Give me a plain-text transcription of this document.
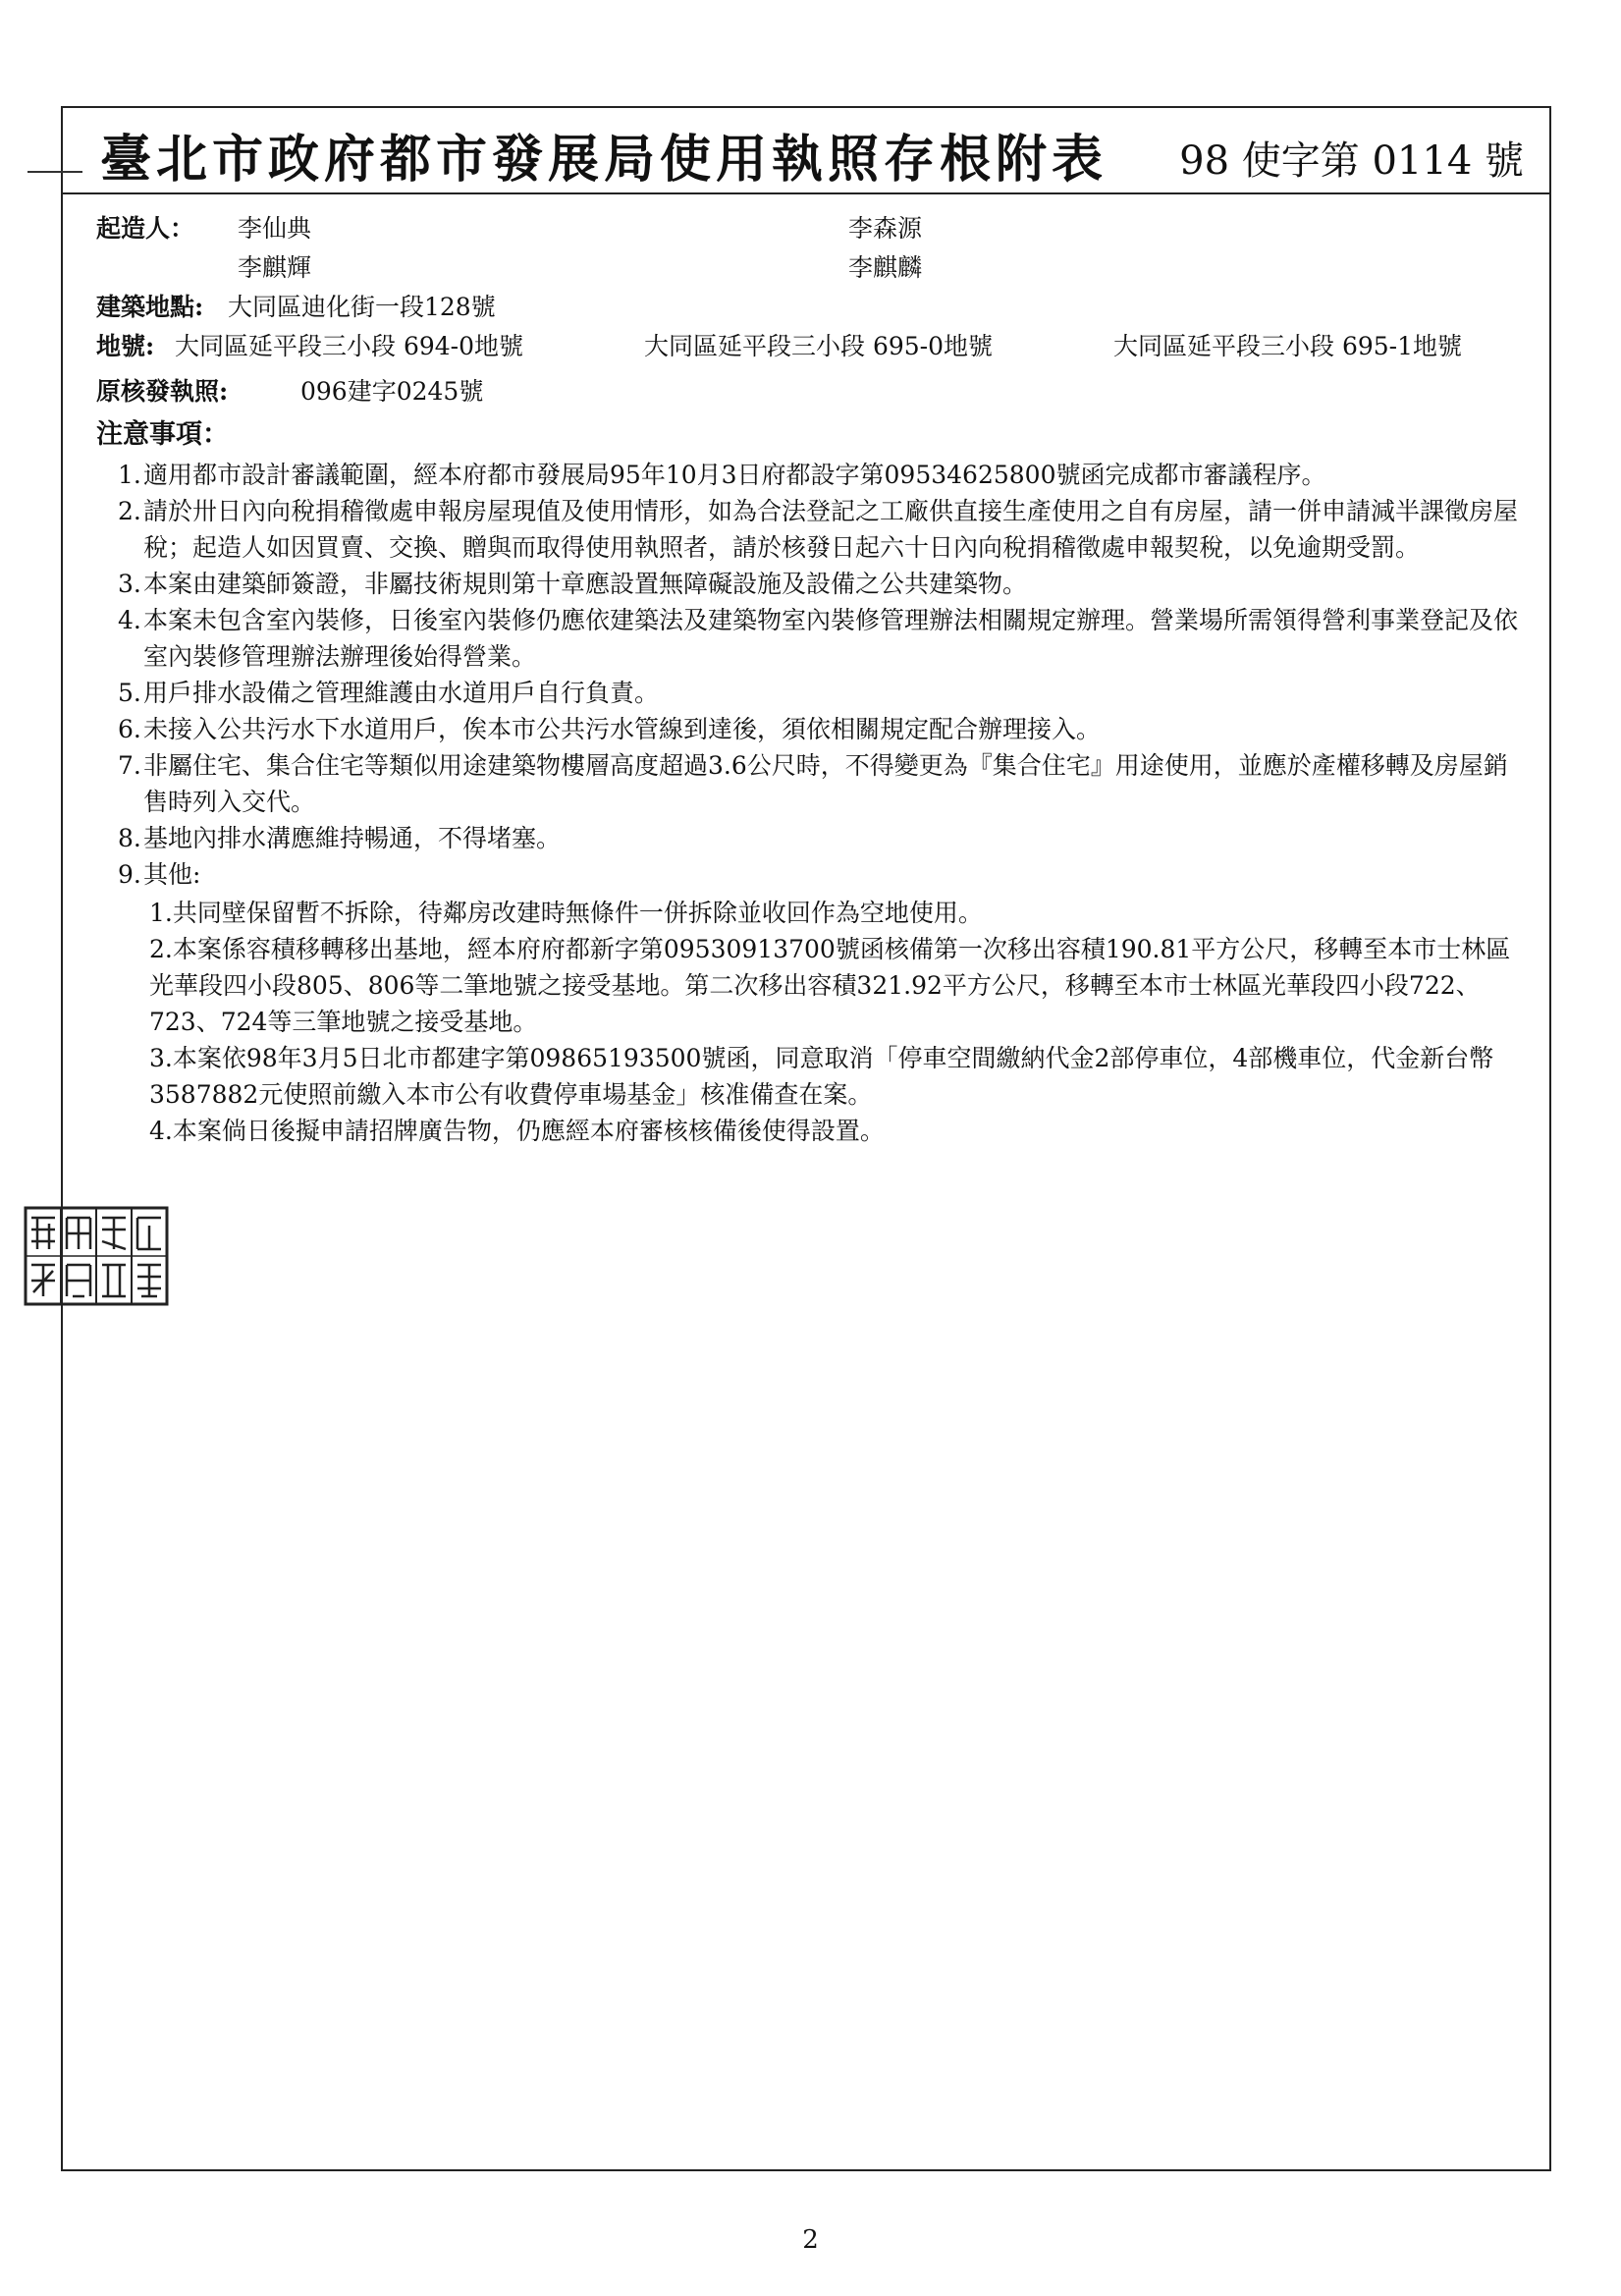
臺北市政府都市發展局使用執照存根附表 98 使字第 0114 號
起造人： 李仙典	李森源
李麒輝	李麒麟
建築地點: 大同區迪化街一段128號
地號: 大同區延平段三小段 694-0地號	大同區延平段三小段 695-0地號	大同區延平段三小段 695-1地號
原核發執照:	096建字0245號
注意事項：
1. 適用都市設計審議範圍，經本府都市發展局95年10月3日府都設字第09534625800號函完成都市審議程序。
2. 請於卅日內向稅捐稽徵處申報房屋現值及使用情形，如為合法登記之工廠供直接生產使用之自有房屋，請一併申請減半課徵房屋稅；起造人如因買賣、交換、贈與而取得使用執照者，請於核發日起六十日內向稅捐稽徵處申報契稅，以免逾期受罰。
3. 本案由建築師簽證，非屬技術規則第十章應設置無障礙設施及設備之公共建築物。
4. 本案未包含室內裝修，日後室內裝修仍應依建築法及建築物室內裝修管理辦法相關規定辦理。營業場所需領得營利事業登記及依室內裝修管理辦法辦理後始得營業。
5. 用戶排水設備之管理維護由水道用戶自行負責。
6. 未接入公共污水下水道用戶，俟本市公共污水管線到達後，須依相關規定配合辦理接入。
7. 非屬住宅、集合住宅等類似用途建築物樓層高度超過3.6公尺時，不得變更為『集合住宅』用途使用，並應於產權移轉及房屋銷售時列入交代。
8. 基地內排水溝應維持暢通，不得堵塞。
9. 其他:
1.共同壁保留暫不拆除，待鄰房改建時無條件一併拆除並收回作為空地使用。
2.本案係容積移轉移出基地，經本府府都新字第09530913700號函核備第一次移出容積190.81平方公尺，移轉至本市士林區光華段四小段805、806等二筆地號之接受基地。第二次移出容積321.92平方公尺，移轉至本市士林區光華段四小段722、723、724等三筆地號之接受基地。
3.本案依98年3月5日北市都建字第09865193500號函，同意取消「停車空間繳納代金2部停車位，4部機車位，代金新台幣3587882元使照前繳入本市公有收費停車場基金」核准備查在案。
4.本案倘日後擬申請招牌廣告物，仍應經本府審核核備後使得設置。
2
